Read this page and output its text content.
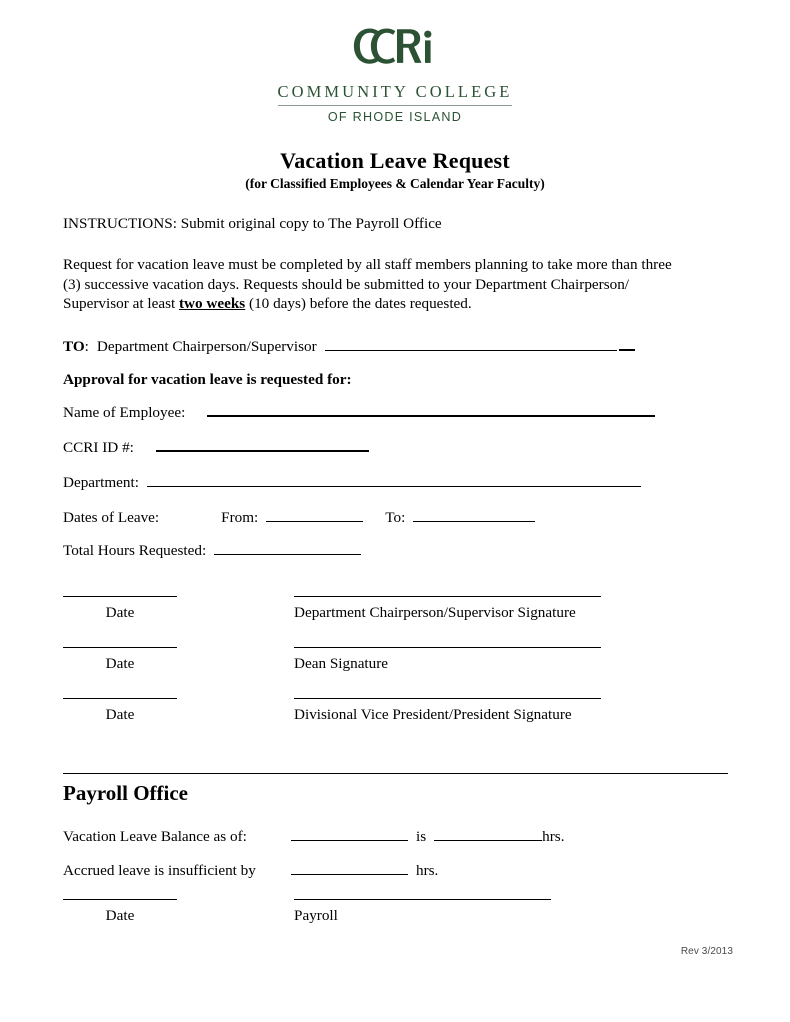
COMMUNITY COLLEGE
OF RHODE ISLAND
Vacation Leave Request
(for Classified Employees & Calendar Year Faculty)

INSTRUCTIONS: Submit original copy to The Payroll Office

Request for vacation leave must be completed by all staff members planning to take more than three (3) successive vacation days. Requests should be submitted to your Department Chairperson/ Supervisor at least two weeks (10 days) before the dates requested.

TO: Department Chairperson/Supervisor
Approval for vacation leave is requested for:
Name of Employee:
CCRI ID #:
Department:
Dates of Leave:	From:	To:
Total Hours Requested:
Date	Department Chairperson/Supervisor Signature
Date	Dean Signature
Date	Divisional Vice President/President Signature
Payroll Office
Vacation Leave Balance as of:	is	hrs.
Accrued leave is insufficient by	hrs.
Date	Payroll
Rev 3/2013
